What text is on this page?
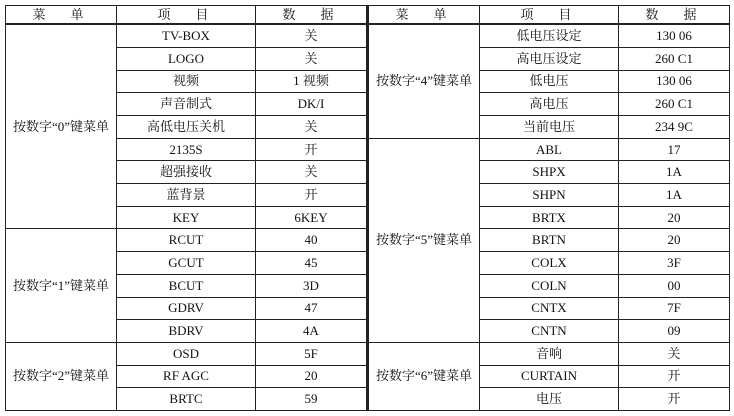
菜　单	项　目	数　据
按数字“0”键菜单	TV-BOX	关
	LOGO	关
	视频	1 视频
	声音制式	DK/I
	高低电压关机	关
	2135S	开
	超强接收	关
	蓝背景	开
	KEY	6KEY
按数字“1”键菜单	RCUT	40
	GCUT	45
	BCUT	3D
	GDRV	47
	BDRV	4A
按数字“2”键菜单	OSD	5F
	RF AGC	20
	BRTC	59
菜　单	项　目	数　据
按数字“4”键菜单	低电压设定	130 06
	高电压设定	260 C1
	低电压	130 06
	高电压	260 C1
	当前电压	234 9C
按数字“5”键菜单	ABL	17
	SHPX	1A
	SHPN	1A
	BRTX	20
	BRTN	20
	COLX	3F
	COLN	00
	CNTX	7F
	CNTN	09
按数字“6”键菜单	音响	关
	CURTAIN	开
	电压	开
